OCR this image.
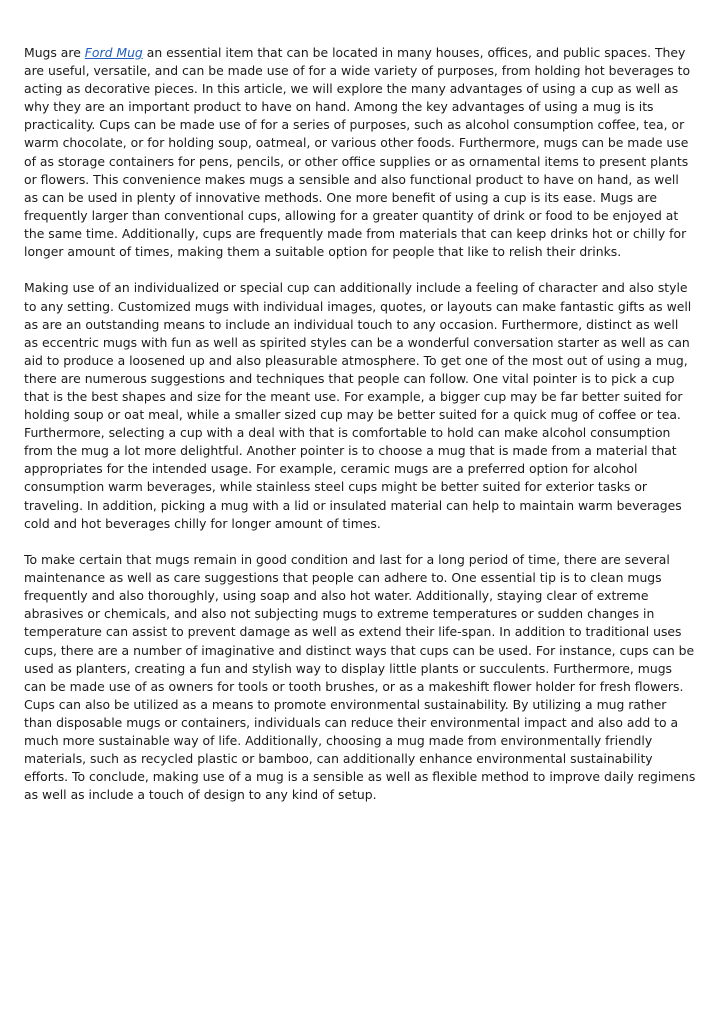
Mugs are Ford Mug an essential item that can be located in many houses, offices, and public spaces. They are useful, versatile, and can be made use of for a wide variety of purposes, from holding hot beverages to acting as decorative pieces. In this article, we will explore the many advantages of using a cup as well as why they are an important product to have on hand. Among the key advantages of using a mug is its practicality. Cups can be made use of for a series of purposes, such as alcohol consumption coffee, tea, or warm chocolate, or for holding soup, oatmeal, or various other foods. Furthermore, mugs can be made use of as storage containers for pens, pencils, or other office supplies or as ornamental items to present plants or flowers. This convenience makes mugs a sensible and also functional product to have on hand, as well as can be used in plenty of innovative methods. One more benefit of using a cup is its ease. Mugs are frequently larger than conventional cups, allowing for a greater quantity of drink or food to be enjoyed at the same time. Additionally, cups are frequently made from materials that can keep drinks hot or chilly for longer amount of times, making them a suitable option for people that like to relish their drinks.

Making use of an individualized or special cup can additionally include a feeling of character and also style to any setting. Customized mugs with individual images, quotes, or layouts can make fantastic gifts as well as are an outstanding means to include an individual touch to any occasion. Furthermore, distinct as well as eccentric mugs with fun as well as spirited styles can be a wonderful conversation starter as well as can aid to produce a loosened up and also pleasurable atmosphere. To get one of the most out of using a mug, there are numerous suggestions and techniques that people can follow. One vital pointer is to pick a cup that is the best shapes and size for the meant use. For example, a bigger cup may be far better suited for holding soup or oat meal, while a smaller sized cup may be better suited for a quick mug of coffee or tea. Furthermore, selecting a cup with a deal with that is comfortable to hold can make alcohol consumption from the mug a lot more delightful. Another pointer is to choose a mug that is made from a material that appropriates for the intended usage. For example, ceramic mugs are a preferred option for alcohol consumption warm beverages, while stainless steel cups might be better suited for exterior tasks or traveling. In addition, picking a mug with a lid or insulated material can help to maintain warm beverages cold and hot beverages chilly for longer amount of times.

To make certain that mugs remain in good condition and last for a long period of time, there are several maintenance as well as care suggestions that people can adhere to. One essential tip is to clean mugs frequently and also thoroughly, using soap and also hot water. Additionally, staying clear of extreme abrasives or chemicals, and also not subjecting mugs to extreme temperatures or sudden changes in temperature can assist to prevent damage as well as extend their life-span. In addition to traditional uses cups, there are a number of imaginative and distinct ways that cups can be used. For instance, cups can be used as planters, creating a fun and stylish way to display little plants or succulents. Furthermore, mugs can be made use of as owners for tools or tooth brushes, or as a makeshift flower holder for fresh flowers. Cups can also be utilized as a means to promote environmental sustainability. By utilizing a mug rather than disposable mugs or containers, individuals can reduce their environmental impact and also add to a much more sustainable way of life. Additionally, choosing a mug made from environmentally friendly materials, such as recycled plastic or bamboo, can additionally enhance environmental sustainability efforts. To conclude, making use of a mug is a sensible as well as flexible method to improve daily regimens as well as include a touch of design to any kind of setup.
